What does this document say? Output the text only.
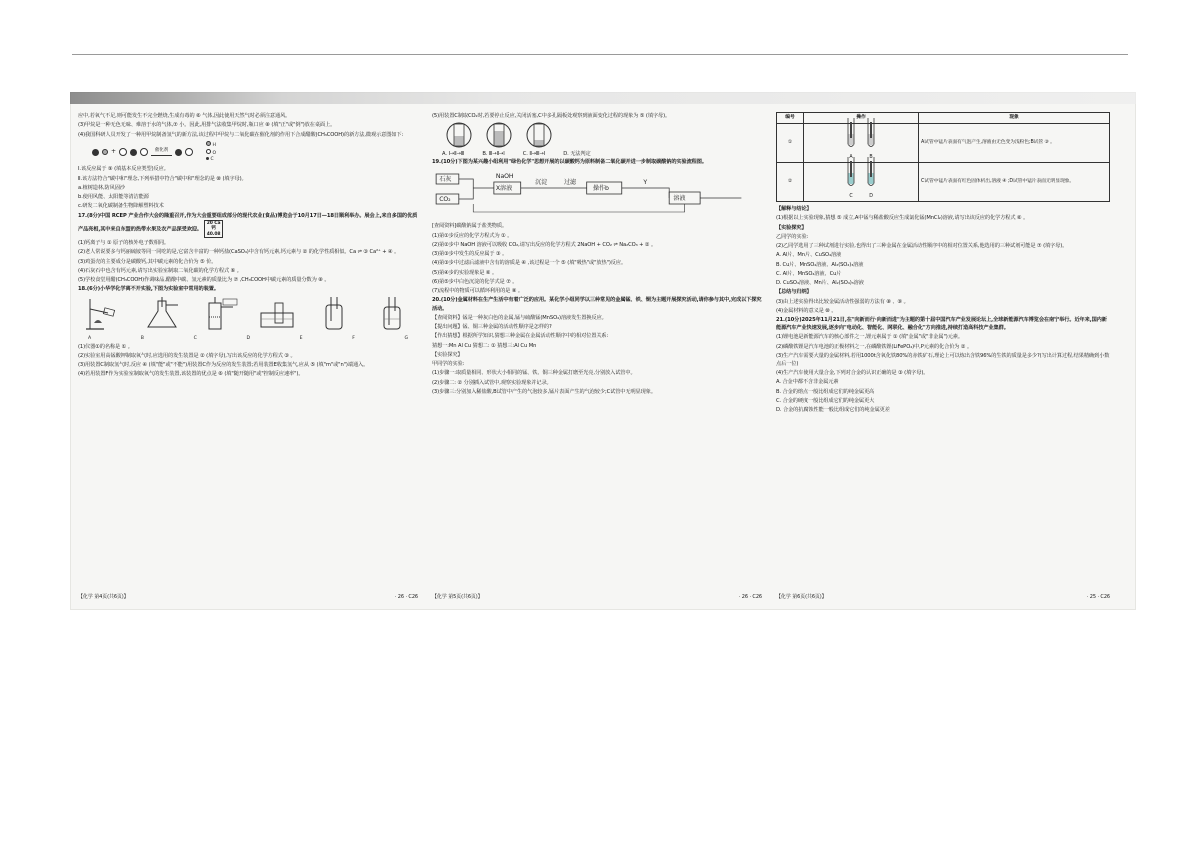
应中,若氧气不足,则可能发生不完全燃烧,生成有毒的 ⑥ 气体,因此使用天然气时必须注意通风。

(3)甲烷是一种无色无味、难溶于水的气体,⑦ 小。因此,用排气法收集甲烷时,瓶口应 ⑧ (填"正"或"倒")放在桌面上。

(4)我国科研人员开发了一种用甲烷制备氢气的新方法,该过程中甲烷与二氧化碳在催化剂的作用下合成醋酸(CH₃COOH)的新方法,微观示意图如下:

+	催化剂
H
O
C

Ⅰ.该反应属于 ⑨ (填基本反应类型)反应。

Ⅱ.该方法符合"碳中和"理念,下列举措中符合"碳中和"理念的是 ⑩ (填字母)。

a.植树造林,防风固沙

b.使用风能、太阳能等清洁能源

c.研发二氧化碳制备生物降解塑料技术

17.(8分)中国 RCEP 产业合作大会的隆重召开,作为大会重要组成部分的现代农业(食品)博览会于10月17日—18日顺利举办。展会上,来自多国的优质产品亮相,其中来自东盟的热带水果及农产品深受欢迎。 20 Ca
钙
40.08

(1)钙离子与 ① 原子的核外电子数相同。

(2)老人常说要多与钙丽硫铵等同一同吃的是,它富含丰富的一种钙盐(CaSO₄)中含有钙元素,钙元素与 ② 的化学性质相似。Ca ⇌ ③ Ca²⁺ + ④ 。

(3)鸡蛋壳的主要成分是碳酸钙,其中碳元素的化合价为 ⑤ 价。

(4)石灰石中也含有钙元素,请写出实验室制取二氧化碳的化学方程式 ⑥ 。

(5)学校食堂用醋(CH₃COOH)作调味品,醋酸中碳、氢元素的质量比为 ⑦ ,CH₃COOH中碳元素的质量分数为 ⑧ 。

18.(6分)小华学化学离不开实验,下图为实验室中常用的装置。

A	B	C	D	E	F	G

(1)仪器①的名称是 ① 。

(2)实验室用高锰酸钾制取氧气时,应选用的发生装置是 ② (填字母),写出该反应的化学方程式 ③ 。

(3)用装置C制取氢气时,反应 ④ (填"能"或"不能")用装置C作为反应的发生装置;若用装置E收集氢气,应从 ⑤ (填"m"或"n")端通入。

(4)若用装置F作为实验室制取氧气的发生装置,该装置的优点是 ⑥ (填"随开随用"或"控制反应速率")。

【化学 第4页(共6页)】	· 26 · C26

(5)用装置C制取CO₂时,若要停止反应,关闭活塞,C中多孔隔板处观察到液面变化过程的现象为 ⑤ (填字母)。

A. Ⅰ→Ⅱ→Ⅲ	B. Ⅲ→Ⅱ→Ⅰ	C. Ⅱ→Ⅲ→Ⅰ	D. 无法判定

19.(10分)下图为某兴趣小组利用"绿色化学"思想开展的以碳酸钙为原料制备二氧化碳并进一步制取碳酸钠的实验流程图。

石灰
CO₂
NaOH
X溶液
沉淀	过滤
操作b
Y
溶液

[查阅资料]碳酸钠属于盐类物质。

(1)第①步反应的化学方程式为 ① 。

(2)第②步中 NaOH 溶液可以吸收 CO₂,请写出反应的化学方程式 2NaOH + CO₂ ⇌ Na₂CO₃ + ② 。

(3)第③步中发生的反应属于 ③ 。

(4)第③步中过滤后滤液中含有的溶质是 ④ ,该过程是一个 ⑤ (填"吸热"或"放热")反应。

(5)第④步的实验现象是 ⑥ 。

(6)第⑤步中白色沉淀的化学式是 ⑦ 。

(7)流程中的物质可以循环利用的是 ⑧ 。

20.(10分)金属材料在生产生活中有着广泛的应用。某化学小组同学以三种常见的金属锰、铁、铜为主题开展探究活动,请你参与其中,完成以下探究活动。

【查阅资料】锰是一种灰白色的金属,锰与硫酸锰(MnSO₄)溶液发生置换反应。

【提出问题】锰、铜三种金属的活动性顺序是怎样的?

【作出猜想】根据所学知识,猜想三种金属在金属活动性顺序中的相对位置关系:

猜想一:Mn Al Cu 猜想二: ① 猜想三:Al Cu Mn

【实验探究】

甲同学的实验:

(1)步骤一:取质量相同、形状大小相同的锰、铁、铜三种金属打磨至光亮,分别放入试管中。

(2)步骤二: ② 分别插入试管中,观察实验现象并记录。

(3)步骤三:分别加入稀盐酸,B试管中产生的气泡较多,锰片表面产生的气泡较少;C试管中无明显现象。

【化学 第5页(共6页)】	· 26 · C26
编号	操作	现象
①	A B	A试管中锰片表面有气泡产生,溶液由无色变为浅粉色;B试管 ③ 。
②	C D	C试管中锰片表面有红色固体析出,溶液 ④ ;D试管中锰片表面无明显现象。

【解释与结论】

(1)根据以上实验现象,猜想 ⑤ 成立,A中锰与稀盐酸反应生成氯化锰(MnCl₂)溶液,请写出该反应的化学方程式 ⑥ 。

【实验探究】

乙同学的实验:

(2)乙同学选用了三种试剂进行实验,也得出了三种金属在金属活动性顺序中的相对位置关系,他选用的三种试剂可能是 ⑦ (填字母)。

A. Al片、Mn片、CuSO₄溶液

B. Cu片、MnSO₄溶液、Al₂(SO₄)₃溶液

C. Al片、MnSO₄溶液、Cu片

D. CuSO₄溶液、Mn片、Al₂(SO₄)₃溶液

【总结与归纳】

(3)由上述实验得出比较金属活动性强弱的方法有 ⑧ 、⑨ 。

(4)金属材料的意义是 ⑩ 。

21.(10分)2025年11月21日,在"向新而行·向新而进"为主题的第十届中国汽车产业发展论坛上,全球新能源汽车博览会在南宁举行。近年来,国内新能源汽车产业快速发展,逐步向"电动化、智能化、网联化、融合化"方向推进,持续打造高科技产业集群。

(1)锂电池是新能源汽车的核心部件之一,锂元素属于 ① (填"金属"或"非金属")元素。

(2)磷酸铁锂是汽车电池的正极材料之一,在磷酸铁锂(LiFePO₄)中,P元素的化合价为 ② 。

(3)生产汽车需要大量的金属材料,若用1000t含氧化铁80%的赤铁矿石,理论上可以炼出含铁96%的生铁的质量是多少?(写出计算过程,结果精确到小数点后一位)

(4)生产汽车使用大量合金,下列对合金的认识正确的是 ③ (填字母)。

A. 合金中都不含非金属元素

B. 合金的熔点一般比组成它们的纯金属更高

C. 合金的硬度一般比组成它们的纯金属更大

D. 合金的抗腐蚀性能一般比组成它们的纯金属更差

【化学 第6页(共6页)】	· 25 · C26
